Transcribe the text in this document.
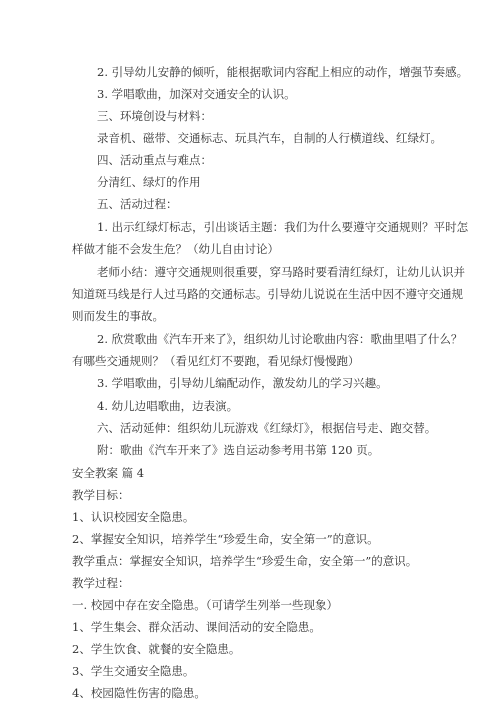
2. 引导幼儿安静的倾听，能根据歌词内容配上相应的动作，增强节奏感。
3. 学唱歌曲，加深对交通安全的认识。
三、环境创设与材料：
录音机、磁带、交通标志、玩具汽车，自制的人行横道线、红绿灯。
四、活动重点与难点：
分清红、绿灯的作用
五、活动过程：
1. 出示红绿灯标志，引出谈话主题：我们为什么要遵守交通规则？平时怎
样做才能不会发生危？（幼儿自由讨论）
老师小结：遵守交通规则很重要，穿马路时要看清红绿灯，让幼儿认识并
知道斑马线是行人过马路的交通标志。引导幼儿说说在生活中因不遵守交通规
则而发生的事故。
2. 欣赏歌曲《汽车开来了》，组织幼儿讨论歌曲内容：歌曲里唱了什么？
有哪些交通规则？（看见红灯不要跑，看见绿灯慢慢跑）
3. 学唱歌曲，引导幼儿编配动作，激发幼儿的学习兴趣。
4. 幼儿边唱歌曲，边表演。
六、活动延伸：组织幼儿玩游戏《红绿灯》，根据信号走、跑交替。
附：歌曲《汽车开来了》选自运动参考用书第 120 页。
安全教案 篇 4
教学目标：
1、认识校园安全隐患。
2、掌握安全知识，培养学生“珍爱生命，安全第一”的意识。
教学重点：掌握安全知识，培养学生“珍爱生命，安全第一”的意识。
教学过程：
一. 校园中存在安全隐患。（可请学生列举一些现象）
1、学生集会、群众活动、课间活动的安全隐患。
2、学生饮食、就餐的安全隐患。
3、学生交通安全隐患。
4、校园隐性伤害的隐患。
